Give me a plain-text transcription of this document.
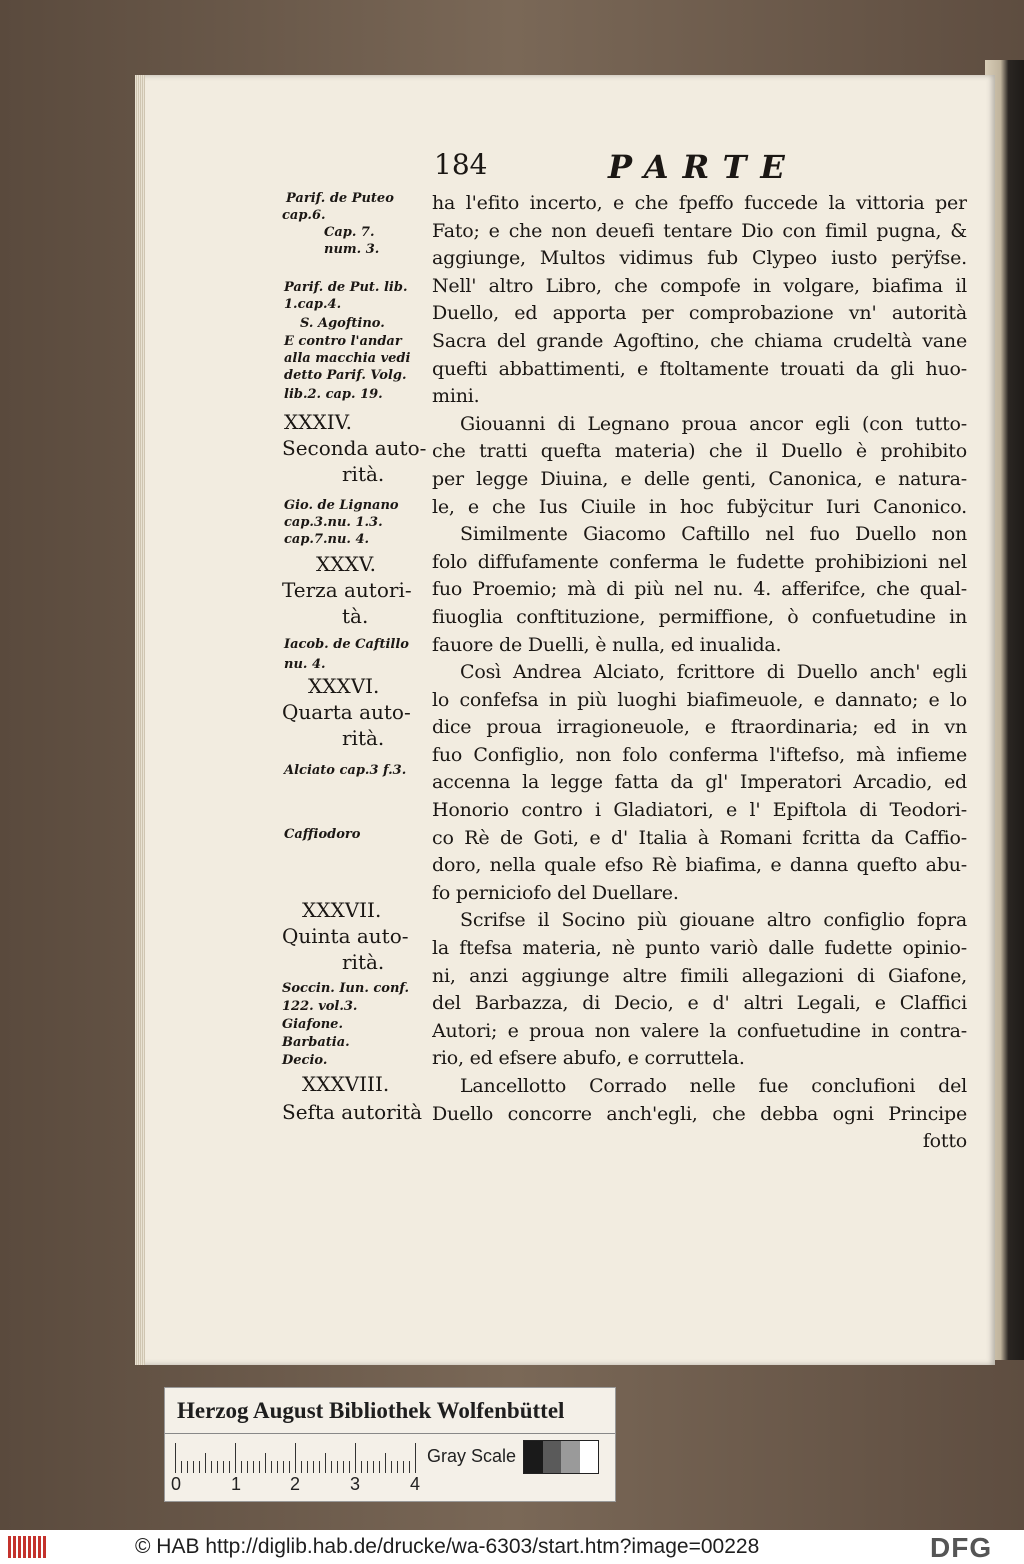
184	PARTE
Parif. de Puteo
cap.6.
Cap. 7.
num. 3.
Parif. de Put. lib.
1.cap.4.
S. Agoftino.
E contro l'andar
alla macchia vedi
detto Parif. Volg.
lib.2. cap. 19.
XXXIV.
Seconda auto-
rità.
Gio. de Lignano
cap.3.nu. 1.3.
cap.7.nu. 4.
XXXV.
Terza autori-
tà.
Iacob. de Caftillo
nu. 4.
XXXVI.
Quarta auto-
rità.
Alciato cap.3 f.3.
Caffiodoro
XXXVII.
Quinta auto-
rità.
Soccin. Iun. conf.
122. vol.3.
Giafone.
Barbatia.
Decio.
XXXVIII.
Sefta autorità
ha l'efito incerto, e che fpeffo fuccede la vittoria per
Fato; e che non deuefi tentare Dio con fimil pugna, &
aggiunge, Multos vidimus fub Clypeo iusto perÿfse.
Nell' altro Libro, che compofe in volgare, biafima il
Duello, ed apporta per comprobazione vn' autorità
Sacra del grande Agoftino, che chiama crudeltà vane
quefti abbattimenti, e ftoltamente trouati da gli huo-
mini.
Giouanni di Legnano proua ancor egli (con tutto-
che tratti quefta materia) che il Duello è prohibito
per legge Diuina, e delle genti, Canonica, e natura-
le, e che Ius Ciuile in hoc fubÿcitur Iuri Canonico.
Similmente Giacomo Caftillo nel fuo Duello non
folo diffufamente conferma le fudette prohibizioni nel
fuo Proemio; mà di più nel nu. 4. afferifce, che qual-
fiuoglia conftituzione, permiffione, ò confuetudine in
fauore de Duelli, è nulla, ed inualida.
Così Andrea Alciato, fcrittore di Duello anch' egli
lo confefsa in più luoghi biafimeuole, e dannato; e lo
dice proua irragioneuole, e ftraordinaria; ed in vn
fuo Configlio, non folo conferma l'iftefso, mà infieme
accenna la legge fatta da gl' Imperatori Arcadio, ed
Honorio contro i Gladiatori, e l' Epiftola di Teodori-
co Rè de Goti, e d' Italia à Romani fcritta da Caffio-
doro, nella quale efso Rè biafima, e danna quefto abu-
fo perniciofo del Duellare.
Scrifse il Socino più giouane altro configlio fopra
la ftefsa materia, nè punto variò dalle fudette opinio-
ni, anzi aggiunge altre fimili allegazioni di Giafone,
del Barbazza, di Decio, e d' altri Legali, e Claffici
Autori; e proua non valere la confuetudine in contra-
rio, ed efsere abufo, e corruttela.
Lancellotto Corrado nelle fue conclufioni del
Duello concorre anch'egli, che debba ogni Principe
fotto
Herzog August Bibliothek Wolfenbüttel
0	1	2	3	4
Gray Scale
© HAB http://diglib.hab.de/drucke/wa-6303/start.htm?image=00228	DFG
